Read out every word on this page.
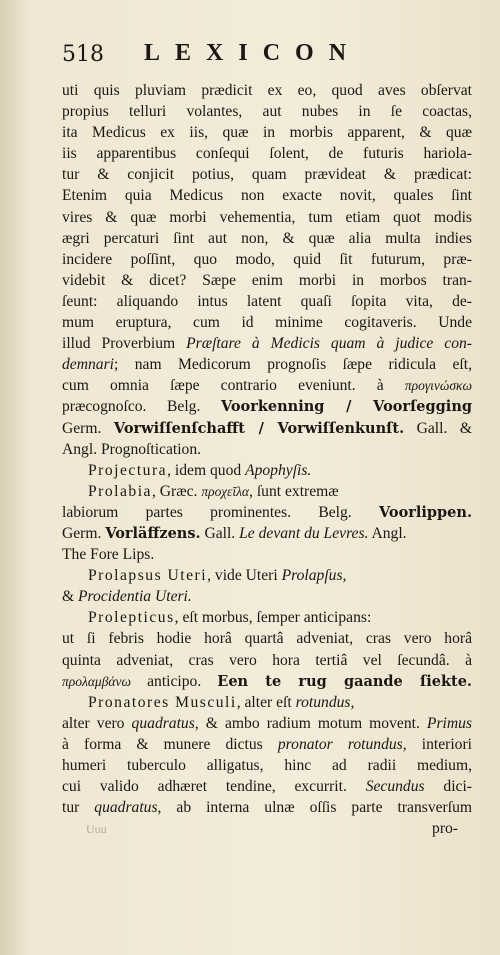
518 LEXICON
uti quis pluviam prædicit ex eo, quod aves obſervat
propius telluri volantes, aut nubes in ſe coactas,
ita Medicus ex iis, quæ in morbis apparent, & quæ
iis apparentibus conſequi ſolent, de futuris hariola-
tur & conjicit potius, quam prævideat & prædicat:
Etenim quia Medicus non exacte novit, quales ſint
vires & quæ morbi vehementia, tum etiam quot modis
ægri percaturi ſint aut non, & quæ alia multa indies
incidere poſſint, quo modo, quid ſit futurum, præ-
videbit & dicet? Sæpe enim morbi in morbos tran-
ſeunt: aliquando intus latent quaſi ſopita vita, de-
mum eruptura, cum id minime cogitaveris. Unde
illud Proverbium Præſtare à Medicis quam à judice con-
demnari; nam Medicorum prognoſis ſæpe ridicula eſt,
cum omnia ſæpe contrario eveniunt. à προγινώσκω
præcognoſco. Belg. Voorkenning / Voorſegging
Germ. Vorwiſſenſchafft / Vorwiſſenkunſt. Gall. &
Angl. Prognoſtication.
Projectura, idem quod Apophyſis.
Prolabia, Græc. προχεῖλα, ſunt extremæ
labiorum partes prominentes. Belg. Voorlippen.
Germ. Vorläffzens. Gall. Le devant du Levres. Angl.
The Fore Lips.
Prolapsus Uteri, vide Uteri Prolapſus,
& Procidentia Uteri.
Prolepticus, eſt morbus, ſemper anticipans:
ut ſi febris hodie horâ quartâ adveniat, cras vero horâ
quinta adveniat, cras vero hora tertiâ vel ſecundâ. à
προλαμβάνω anticipo. Een te rug gaande ſiekte.
Pronatores Musculi, alter eſt rotundus,
alter vero quadratus, & ambo radium motum movent. Primus
à forma & munere dictus pronator rotundus, interiori
humeri tuberculo alligatus, hinc ad radii medium,
cui valido adhæret tendine, excurrit. Secundus dici-
tur quadratus, ab interna ulnæ oſſis parte transverſum
Uuu	pro-
